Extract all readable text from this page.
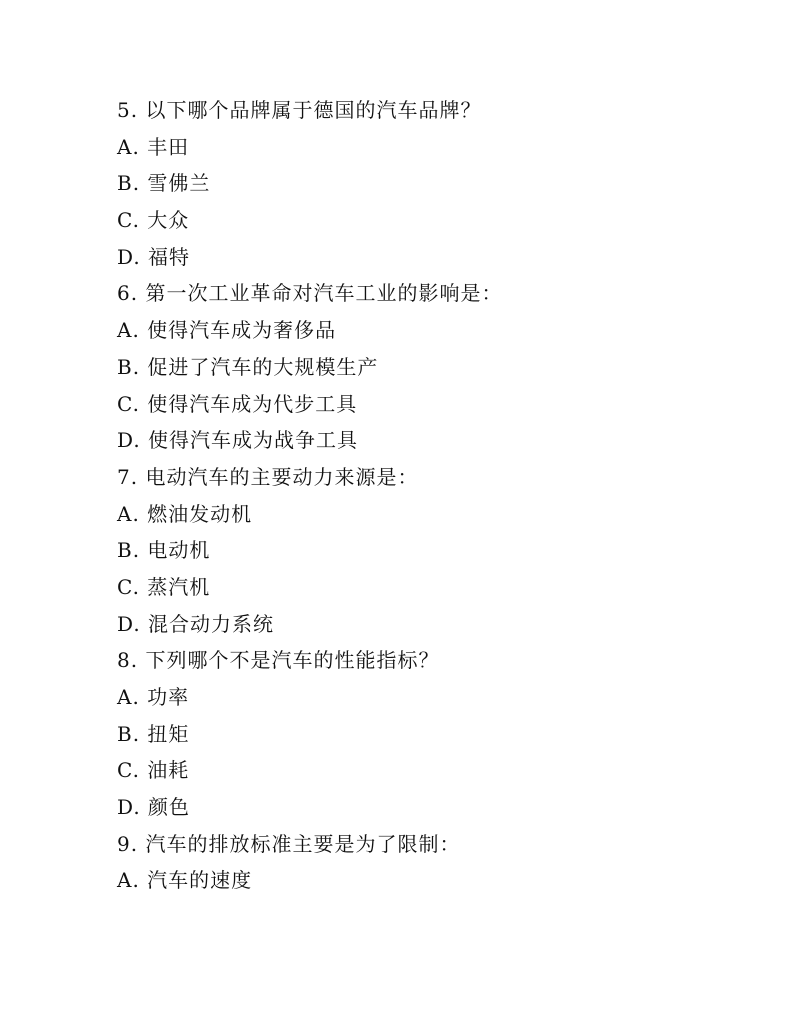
5. 以下哪个品牌属于德国的汽车品牌？
A. 丰田
B. 雪佛兰
C. 大众
D. 福特
6. 第一次工业革命对汽车工业的影响是：
A. 使得汽车成为奢侈品
B. 促进了汽车的大规模生产
C. 使得汽车成为代步工具
D. 使得汽车成为战争工具
7. 电动汽车的主要动力来源是：
A. 燃油发动机
B. 电动机
C. 蒸汽机
D. 混合动力系统
8. 下列哪个不是汽车的性能指标？
A. 功率
B. 扭矩
C. 油耗
D. 颜色
9. 汽车的排放标准主要是为了限制：
A. 汽车的速度
